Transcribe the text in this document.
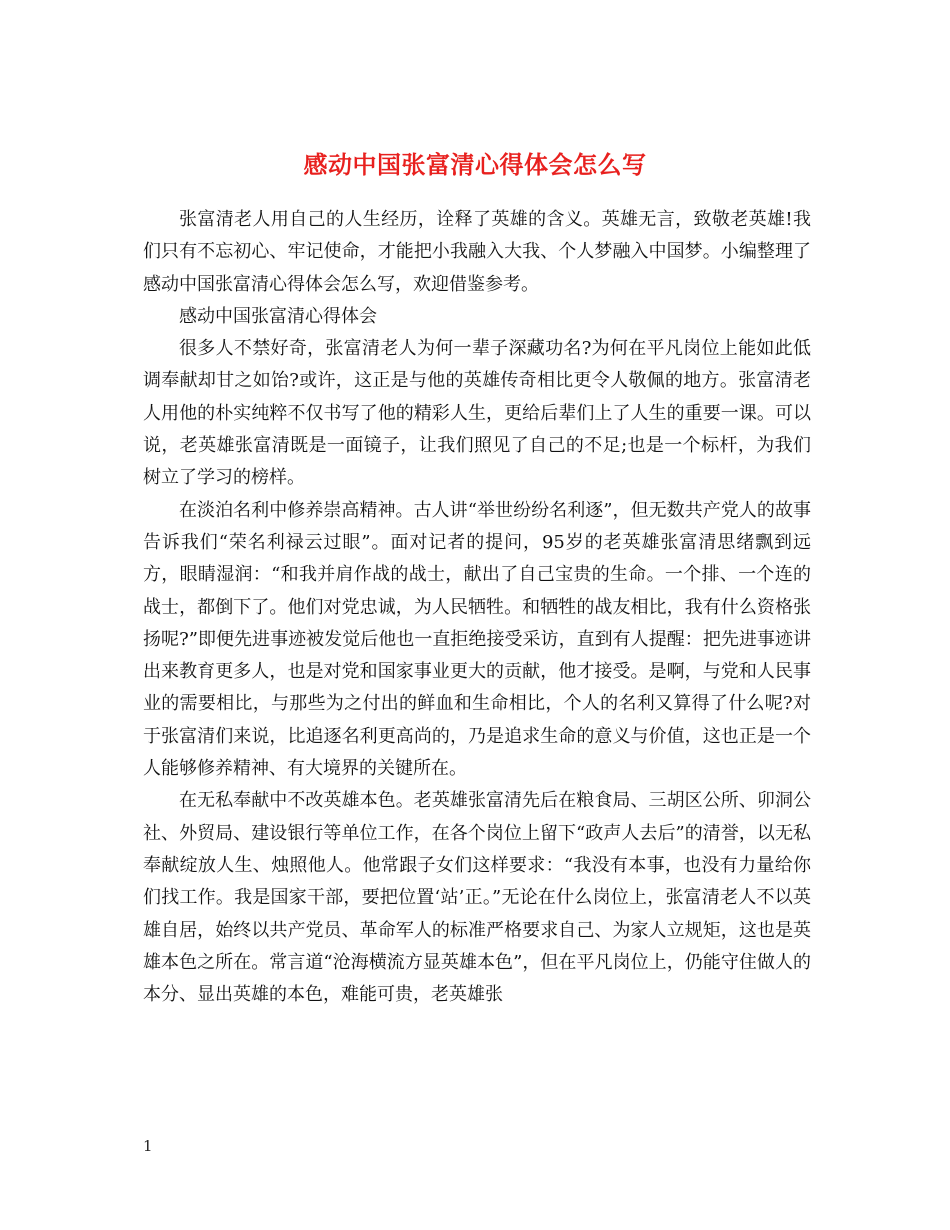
感动中国张富清心得体会怎么写

张富清老人用自己的人生经历，诠释了英雄的含义。英雄无言，致敬老英雄!我们只有不忘初心、牢记使命，才能把小我融入大我、个人梦融入中国梦。小编整理了感动中国张富清心得体会怎么写，欢迎借鉴参考。

感动中国张富清心得体会

很多人不禁好奇，张富清老人为何一辈子深藏功名?为何在平凡岗位上能如此低调奉献却甘之如饴?或许，这正是与他的英雄传奇相比更令人敬佩的地方。张富清老人用他的朴实纯粹不仅书写了他的精彩人生，更给后辈们上了人生的重要一课。可以说，老英雄张富清既是一面镜子，让我们照见了自己的不足;也是一个标杆，为我们树立了学习的榜样。

在淡泊名利中修养崇高精神。古人讲“举世纷纷名利逐”，但无数共产党人的故事告诉我们“荣名利禄云过眼”。面对记者的提问，95岁的老英雄张富清思绪飘到远方，眼睛湿润：“和我并肩作战的战士，献出了自己宝贵的生命。一个排、一个连的战士，都倒下了。他们对党忠诚，为人民牺牲。和牺牲的战友相比，我有什么资格张扬呢?”即便先进事迹被发觉后他也一直拒绝接受采访，直到有人提醒：把先进事迹讲出来教育更多人，也是对党和国家事业更大的贡献，他才接受。是啊，与党和人民事业的需要相比，与那些为之付出的鲜血和生命相比，个人的名利又算得了什么呢?对于张富清们来说，比追逐名利更高尚的，乃是追求生命的意义与价值，这也正是一个人能够修养精神、有大境界的关键所在。

在无私奉献中不改英雄本色。老英雄张富清先后在粮食局、三胡区公所、卯洞公社、外贸局、建设银行等单位工作，在各个岗位上留下“政声人去后”的清誉，以无私奉献绽放人生、烛照他人。他常跟子女们这样要求：“我没有本事，也没有力量给你们找工作。我是国家干部，要把位置‘站’正。”无论在什么岗位上，张富清老人不以英雄自居，始终以共产党员、革命军人的标准严格要求自己、为家人立规矩，这也是英雄本色之所在。常言道“沧海横流方显英雄本色”，但在平凡岗位上，仍能守住做人的本分、显出英雄的本色，难能可贵，老英雄张

1
